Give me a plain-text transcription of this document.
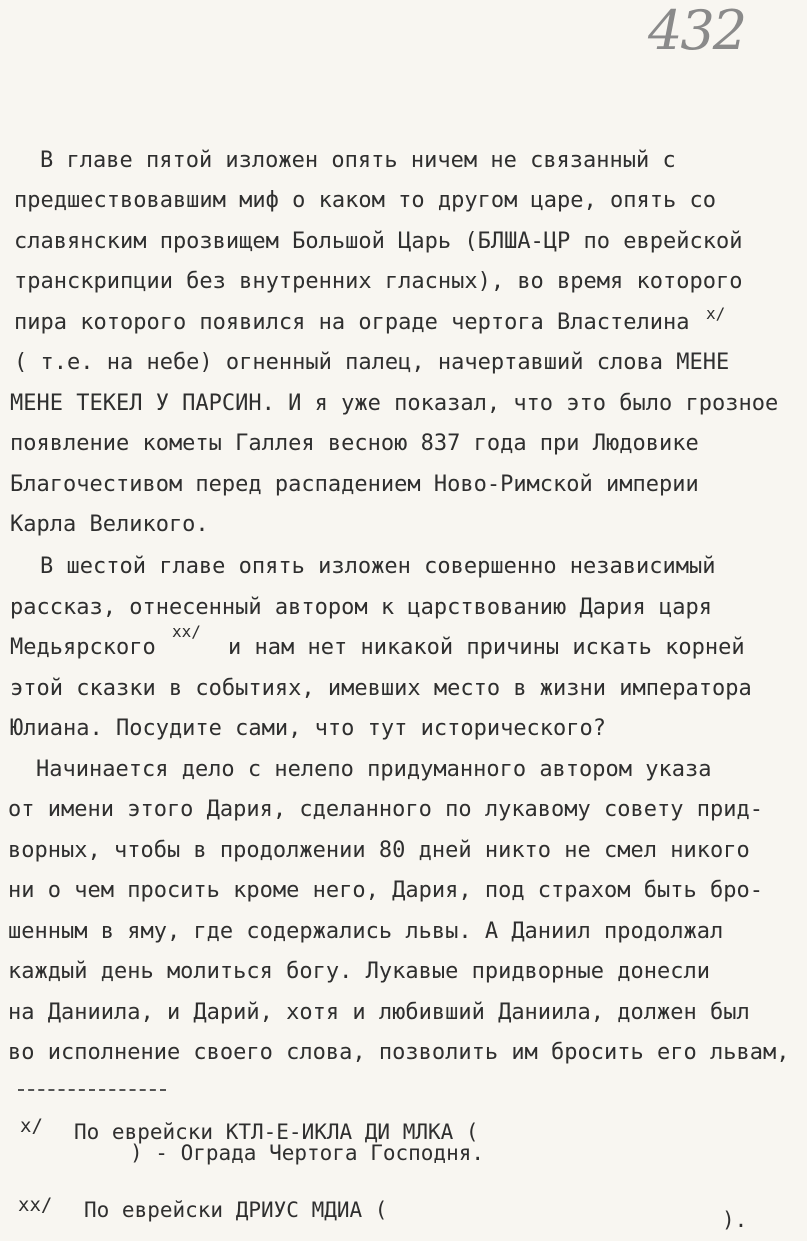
432
В главе пятой изложен опять ничем не связанный с
предшествовавшим миф о каком то другом царе, опять со
славянским прозвищем Большой Царь (БЛША-ЦР по еврейской
транскрипции без внутренних гласных), во время которого
пира которого появился на ограде чертога Властелина x/
( т.е. на небе) огненный палец, начертавший слова МЕНЕ
МЕНЕ ТЕКЕЛ У ПАРСИН. И я уже показал, что это было грозное
появление кометы Галлея весною 837 года при Людовике
Благочестивом перед распадением Ново-Римской империи
Карла Великого.
В шестой главе опять изложен совершенно независимый
рассказ, отнесенный автором к царствованию Дария царя
Медьярского
xx/
и нам нет никакой причины искать корней
этой сказки в событиях, имевших место в жизни императора
Юлиана. Посудите сами, что тут исторического?
Начинается дело с нелепо придуманного автором указа
от имени этого Дария, сделанного по лукавому совету прид-
ворных, чтобы в продолжении 80 дней никто не смел никого
ни о чем просить кроме него, Дария, под страхом быть бро-
шенным в яму, где содержались львы. А Даниил продолжал
каждый день молиться богу. Лукавые придворные донесли
на Даниила, и Дарий, хотя и любивший Даниила, должен был
во исполнение своего слова, позволить им бросить его львам,
x/ По еврейски КТЛ-Е-ИКЛА ДИ МЛКА (
) - Ограда Чертога Господня.
xx/ По еврейски ДРИУС МДИА (	).
